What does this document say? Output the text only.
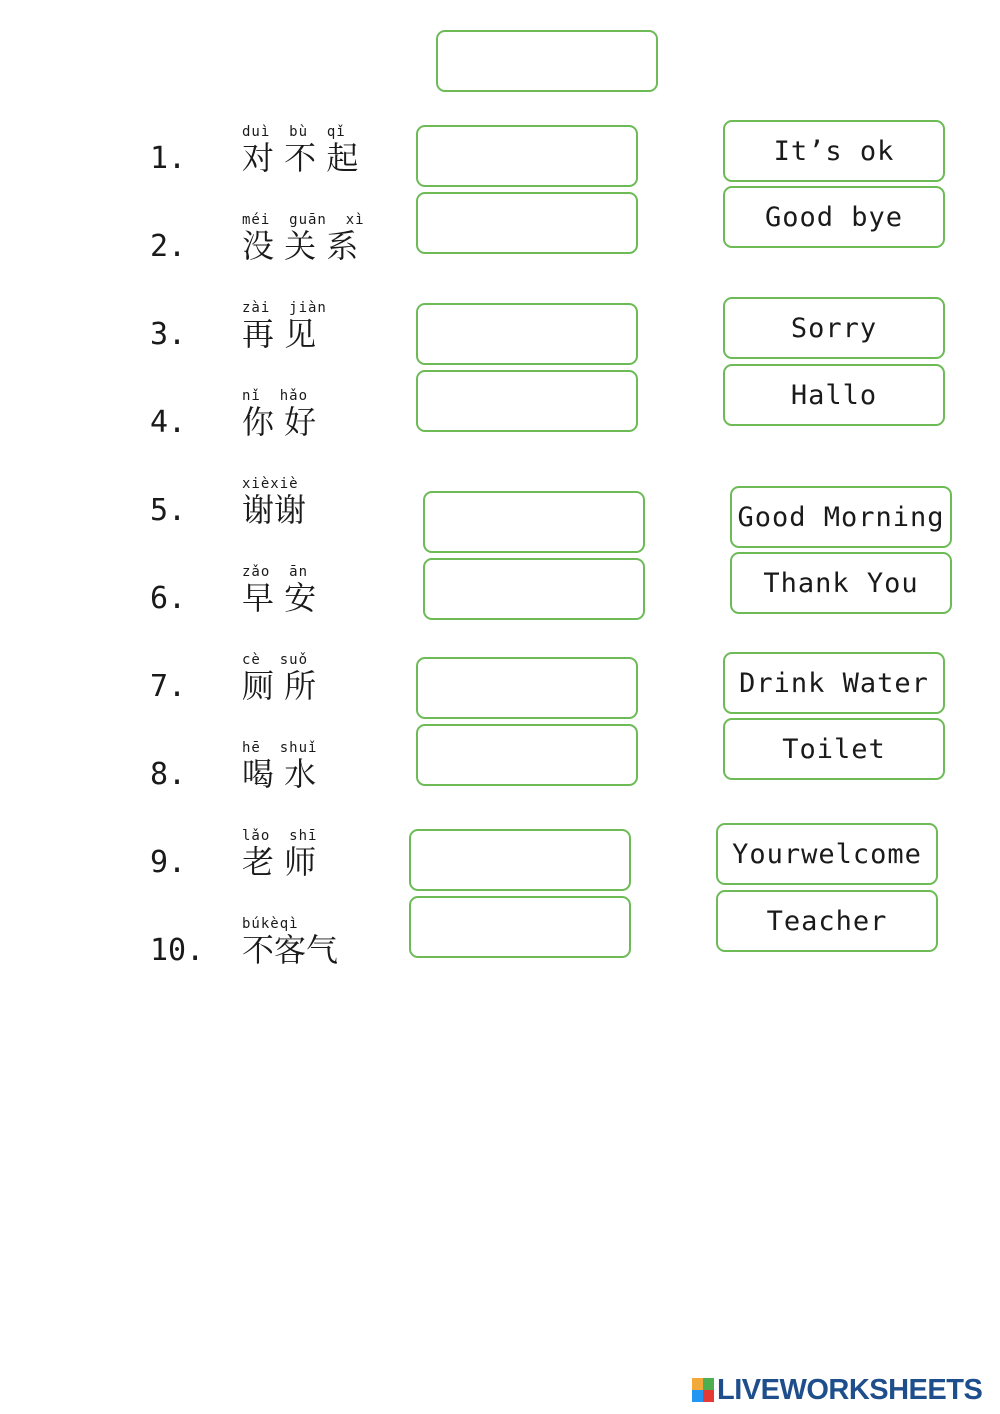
1.
2.
3.
4.
5.
6.
7.
8.
9.
10.
duì  bù  qǐ
méi  guān  xì
zài  jiàn
nǐ  hǎo
xièxiè
zǎo  ān
cè  suǒ
hē  shuǐ
lǎo  shī
búkèqì
对 不 起
没 关 系
再 见
你 好
谢谢
早 安
厕 所
喝 水
老 师
不客气
It’s ok
Good bye
Sorry
Hallo
Good Morning
Thank You
Drink Water
Toilet
Yourwelcome
Teacher
LIVEWORKSHEETS
